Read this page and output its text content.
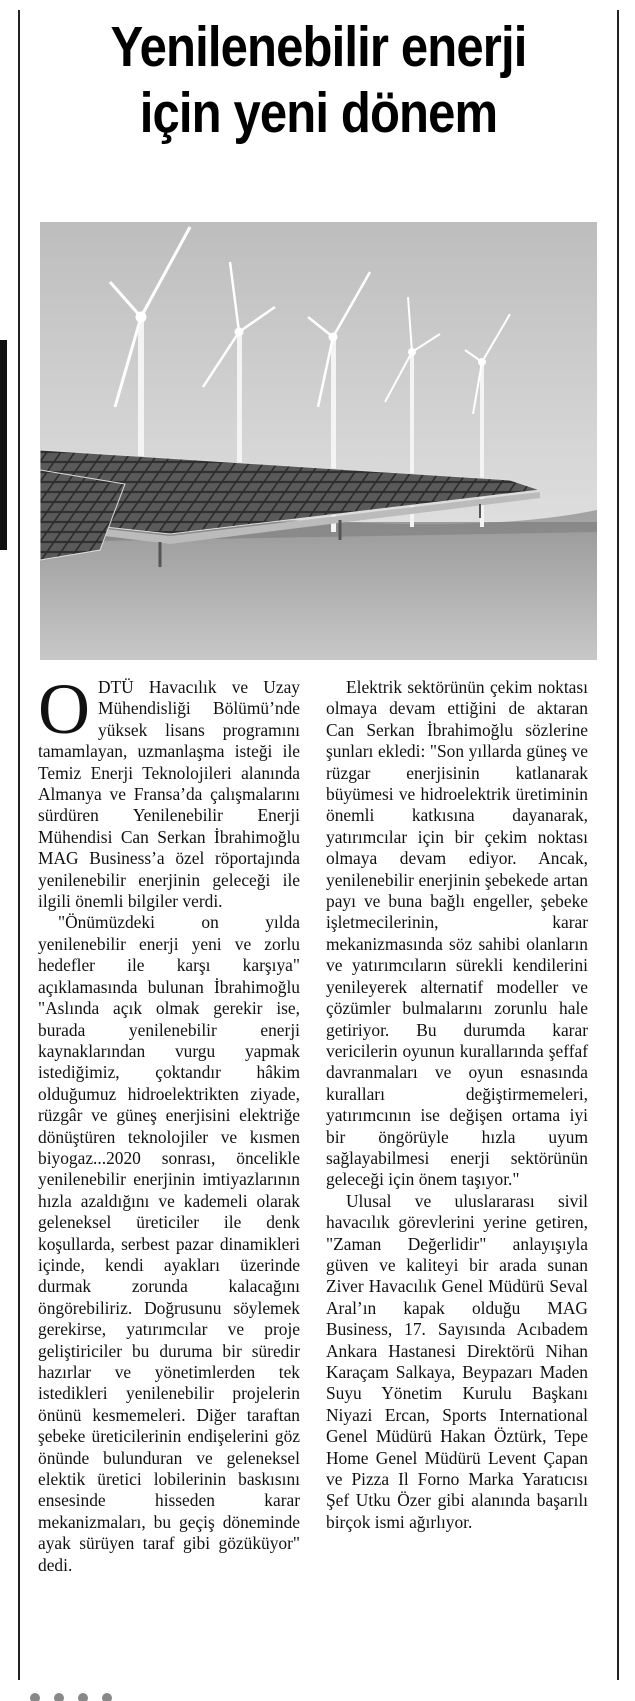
Yenilenebilir enerji
için yeni dönem

ODTÜ Havacılık ve Uzay Mühendisliği Bölümü’nde yüksek lisans programını tamamlayan, uzmanlaşma isteği ile Temiz Enerji Teknolojileri alanında Almanya ve Fransa’da çalışmalarını sürdüren Yenilenebilir Enerji Mühendisi Can Serkan İbrahimoğlu MAG Business’a özel röportajında yenilenebilir enerjinin geleceği ile ilgili önemli bilgiler verdi.

"Önümüzdeki on yılda yenilenebilir enerji yeni ve zorlu hedefler ile karşı karşıya" açıklamasında bulunan İbrahimoğlu "Aslında açık olmak gerekir ise, burada yenilenebilir enerji kaynaklarından vurgu yapmak istediğimiz, çoktandır hâkim olduğumuz hidroelektrikten ziyade, rüzgâr ve güneş enerjisini elektriğe dönüştüren teknolojiler ve kısmen biyogaz...2020 sonrası, öncelikle yenilenebilir enerjinin imtiyazlarının hızla azaldığını ve kademeli olarak geleneksel üreticiler ile denk koşullarda, serbest pazar dinamikleri içinde, kendi ayakları üzerinde durmak zorunda kalacağını öngörebiliriz. Doğrusunu söylemek gerekirse, yatırımcılar ve proje geliştiriciler bu duruma bir süredir hazırlar ve yönetimlerden tek istedikleri yenilenebilir projelerin önünü kesmemeleri. Diğer taraftan şebeke üreticilerinin endişelerini göz önünde bulunduran ve geleneksel elektik üretici lobilerinin baskısını ensesinde hisseden karar mekanizmaları, bu geçiş döneminde ayak sürüyen taraf gibi gözüküyor" dedi.

Elektrik sektörünün çekim noktası olmaya devam ettiğini de aktaran Can Serkan İbrahimoğlu sözlerine şunları ekledi: "Son yıllarda güneş ve rüzgar enerjisinin katlanarak büyümesi ve hidroelektrik üretiminin önemli katkısına dayanarak, yatırımcılar için bir çekim noktası olmaya devam ediyor. Ancak, yenilenebilir enerjinin şebekede artan payı ve buna bağlı engeller, şebeke işletmecilerinin, karar mekanizmasında söz sahibi olanların ve yatırımcıların sürekli kendilerini yenileyerek alternatif modeller ve çözümler bulmalarını zorunlu hale getiriyor. Bu durumda karar vericilerin oyunun kurallarında şeffaf davranmaları ve oyun esnasında kuralları değiştirmemeleri, yatırımcının ise değişen ortama iyi bir öngörüyle hızla uyum sağlayabilmesi enerji sektörünün geleceği için önem taşıyor."

Ulusal ve uluslararası sivil havacılık görevlerini yerine getiren, "Zaman Değerlidir" anlayışıyla güven ve kaliteyi bir arada sunan Ziver Havacılık Genel Müdürü Seval Aral’ın kapak olduğu MAG Business, 17. Sayısında Acıbadem Ankara Hastanesi Direktörü Nihan Karaçam Salkaya, Beypazarı Maden Suyu Yönetim Kurulu Başkanı Niyazi Ercan, Sports International Genel Müdürü Hakan Öztürk, Tepe Home Genel Müdürü Levent Çapan ve Pizza Il Forno Marka Yaratıcısı Şef Utku Özer gibi alanında başarılı birçok ismi ağırlıyor.
